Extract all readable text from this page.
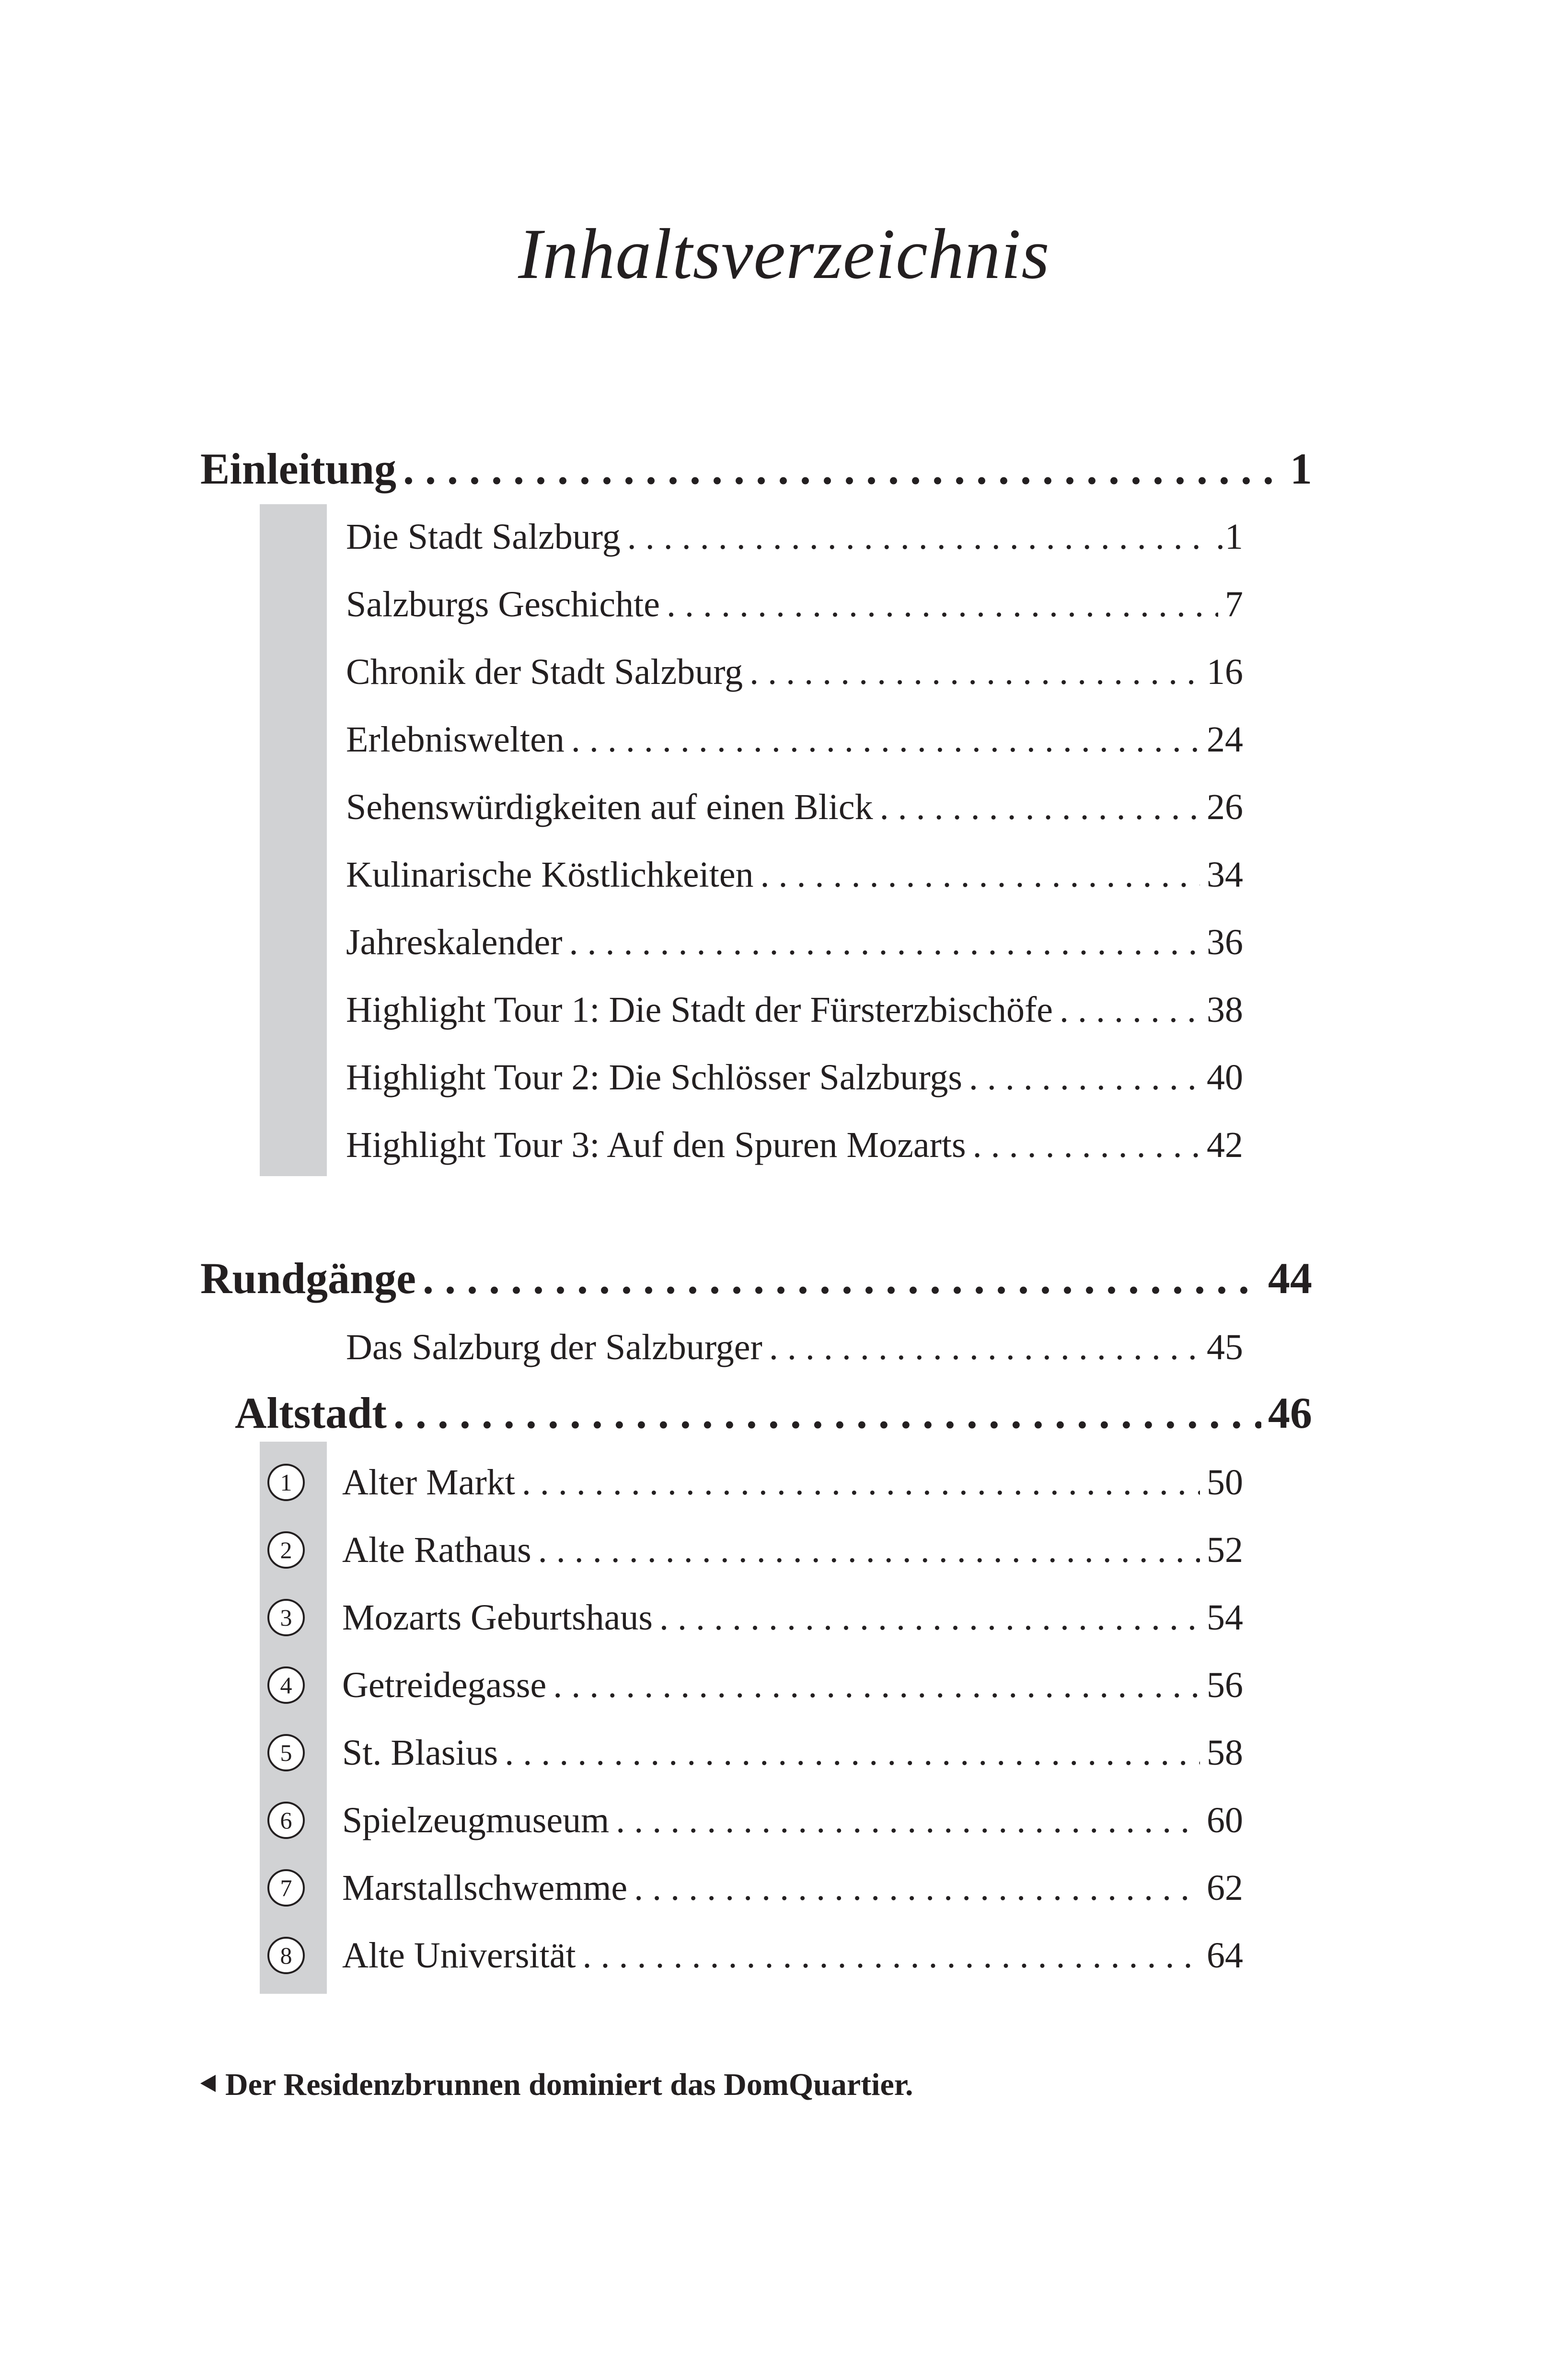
Inhaltsverzeichnis
Einleitung . . .	1
Die Stadt Salzburg . . .	.1
Salzburgs Geschichte . . .	7
Chronik der Stadt Salzburg . . .	16
Erlebniswelten . . .	24
Sehenswürdigkeiten auf einen Blick . . .	26
Kulinarische Köstlichkeiten . . .	34
Jahreskalender . . .	36
Highlight Tour 1: Die Stadt der Fürsterzbischöfe . . .	38
Highlight Tour 2: Die Schlösser Salzburgs . . .	40
Highlight Tour 3: Auf den Spuren Mozarts . . .	42
Rundgänge . . .	44
Das Salzburg der Salzburger . . .	45
Altstadt . . .	46
1	Alter Markt . . .	50
2	Alte Rathaus . . .	52
3	Mozarts Geburtshaus . . .	54
4	Getreidegasse . . .	56
5	St. Blasius . . .	58
6	Spielzeugmuseum . . .	60
7	Marstallschwemme . . .	62
8	Alte Universität . . .	64
Der Residenzbrunnen dominiert das DomQuartier.
